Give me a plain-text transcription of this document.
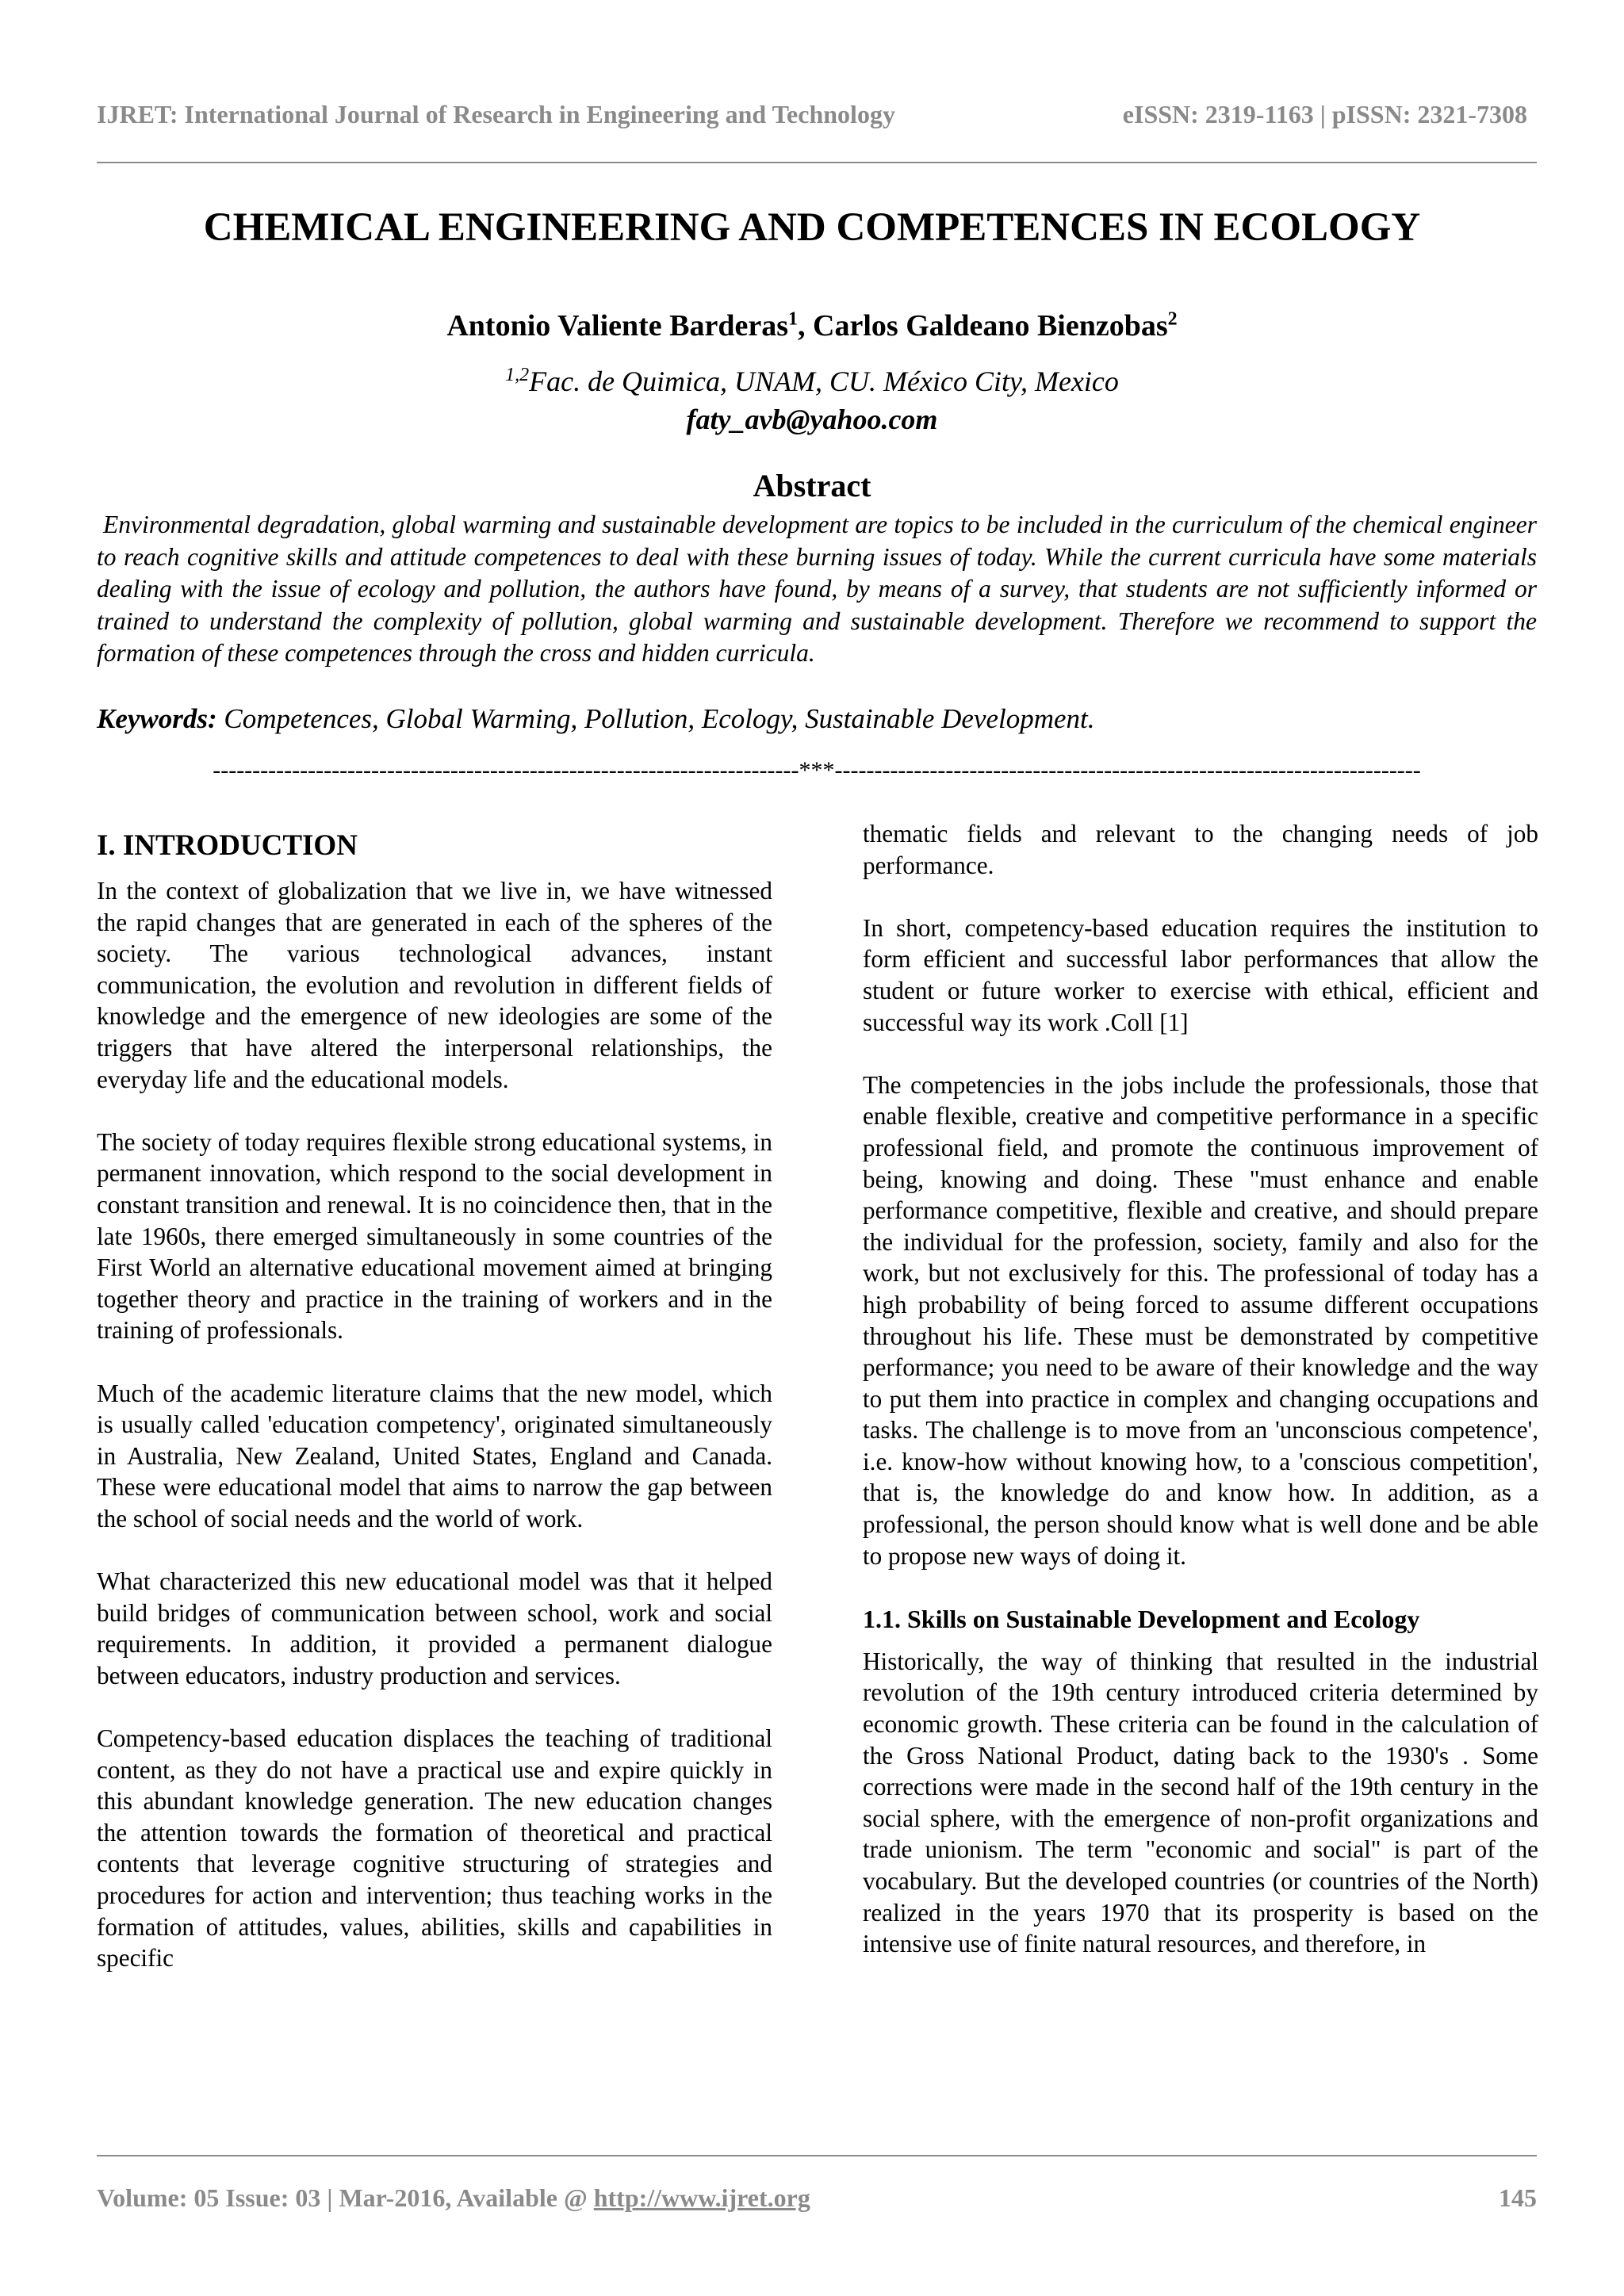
IJRET: International Journal of Research in Engineering and Technology	eISSN: 2319-1163 | pISSN: 2321-7308
CHEMICAL ENGINEERING AND COMPETENCES IN ECOLOGY
Antonio Valiente Barderas$^1$, Carlos Galdeano Bienzobas$^2$
$^{1,2}$Fac. de Quimica, UNAM, CU. México City, Mexico
faty_avb@yahoo.com
Abstract
Environmental degradation, global warming and sustainable development are topics to be included in the curriculum of the chemical engineer to reach cognitive skills and attitude competences to deal with these burning issues of today. While the current curricula have some materials dealing with the issue of ecology and pollution, the authors have found, by means of a survey, that students are not sufficiently informed or trained to understand the complexity of pollution, global warming and sustainable development. Therefore we recommend to support the formation of these competences through the cross and hidden curricula.
Keywords: Competences, Global Warming, Pollution, Ecology, Sustainable Development.
--------------------------------------------------------------------------***--------------------------------------------------------------------------
I. INTRODUCTION

In the context of globalization that we live in, we have witnessed the rapid changes that are generated in each of the spheres of the society. The various technological advances, instant communication, the evolution and revolution in different fields of knowledge and the emergence of new ideologies are some of the triggers that have altered the interpersonal relationships, the everyday life and the educational models.

The society of today requires flexible strong educational systems, in permanent innovation, which respond to the social development in constant transition and renewal. It is no coincidence then, that in the late 1960s, there emerged simultaneously in some countries of the First World an alternative educational movement aimed at bringing together theory and practice in the training of workers and in the training of professionals.

Much of the academic literature claims that the new model, which is usually called 'education competency', originated simultaneously in Australia, New Zealand, United States, England and Canada. These were educational model that aims to narrow the gap between the school of social needs and the world of work.

What characterized this new educational model was that it helped build bridges of communication between school, work and social requirements. In addition, it provided a permanent dialogue between educators, industry production and services.

Competency-based education displaces the teaching of traditional content, as they do not have a practical use and expire quickly in this abundant knowledge generation. The new education changes the attention towards the formation of theoretical and practical contents that leverage cognitive structuring of strategies and procedures for action and intervention; thus teaching works in the formation of attitudes, values, abilities, skills and capabilities in specific

thematic fields and relevant to the changing needs of job performance.

In short, competency-based education requires the institution to form efficient and successful labor performances that allow the student or future worker to exercise with ethical, efficient and successful way its work .Coll [1]

The competencies in the jobs include the professionals, those that enable flexible, creative and competitive performance in a specific professional field, and promote the continuous improvement of being, knowing and doing. These "must enhance and enable performance competitive, flexible and creative, and should prepare the individual for the profession, society, family and also for the work, but not exclusively for this. The professional of today has a high probability of being forced to assume different occupations throughout his life. These must be demonstrated by competitive performance; you need to be aware of their knowledge and the way to put them into practice in complex and changing occupations and tasks. The challenge is to move from an 'unconscious competence', i.e. know-how without knowing how, to a 'conscious competition', that is, the knowledge do and know how. In addition, as a professional, the person should know what is well done and be able to propose new ways of doing it.

1.1. Skills on Sustainable Development and Ecology

Historically, the way of thinking that resulted in the industrial revolution of the 19th century introduced criteria determined by economic growth. These criteria can be found in the calculation of the Gross National Product, dating back to the 1930's . Some corrections were made in the second half of the 19th century in the social sphere, with the emergence of non-profit organizations and trade unionism. The term "economic and social" is part of the vocabulary. But the developed countries (or countries of the North) realized in the years 1970 that its prosperity is based on the intensive use of finite natural resources, and therefore, in

Volume: 05 Issue: 03 | Mar-2016, Available @ http://www.ijret.org	145
